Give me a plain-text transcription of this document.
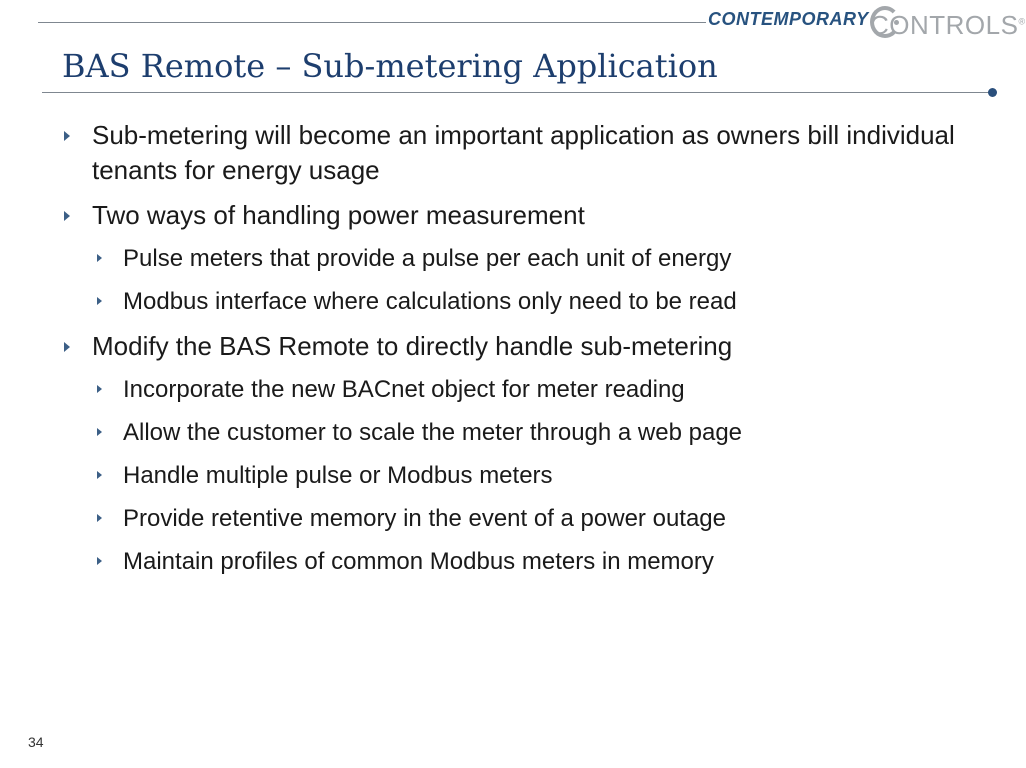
CONTEMPORARY CONTROLS®
BAS Remote – Sub-metering Application
Sub-metering will become an important application as owners bill individual tenants for energy usage
Two ways of handling power measurement
Pulse meters that provide a pulse per each unit of energy
Modbus interface where calculations only need to be read
Modify the BAS Remote to directly handle sub-metering
Incorporate the new BACnet object for meter reading
Allow the customer to scale the meter through a web page
Handle multiple pulse or Modbus meters
Provide retentive memory in the event of a power outage
Maintain profiles of common Modbus meters in memory
34
